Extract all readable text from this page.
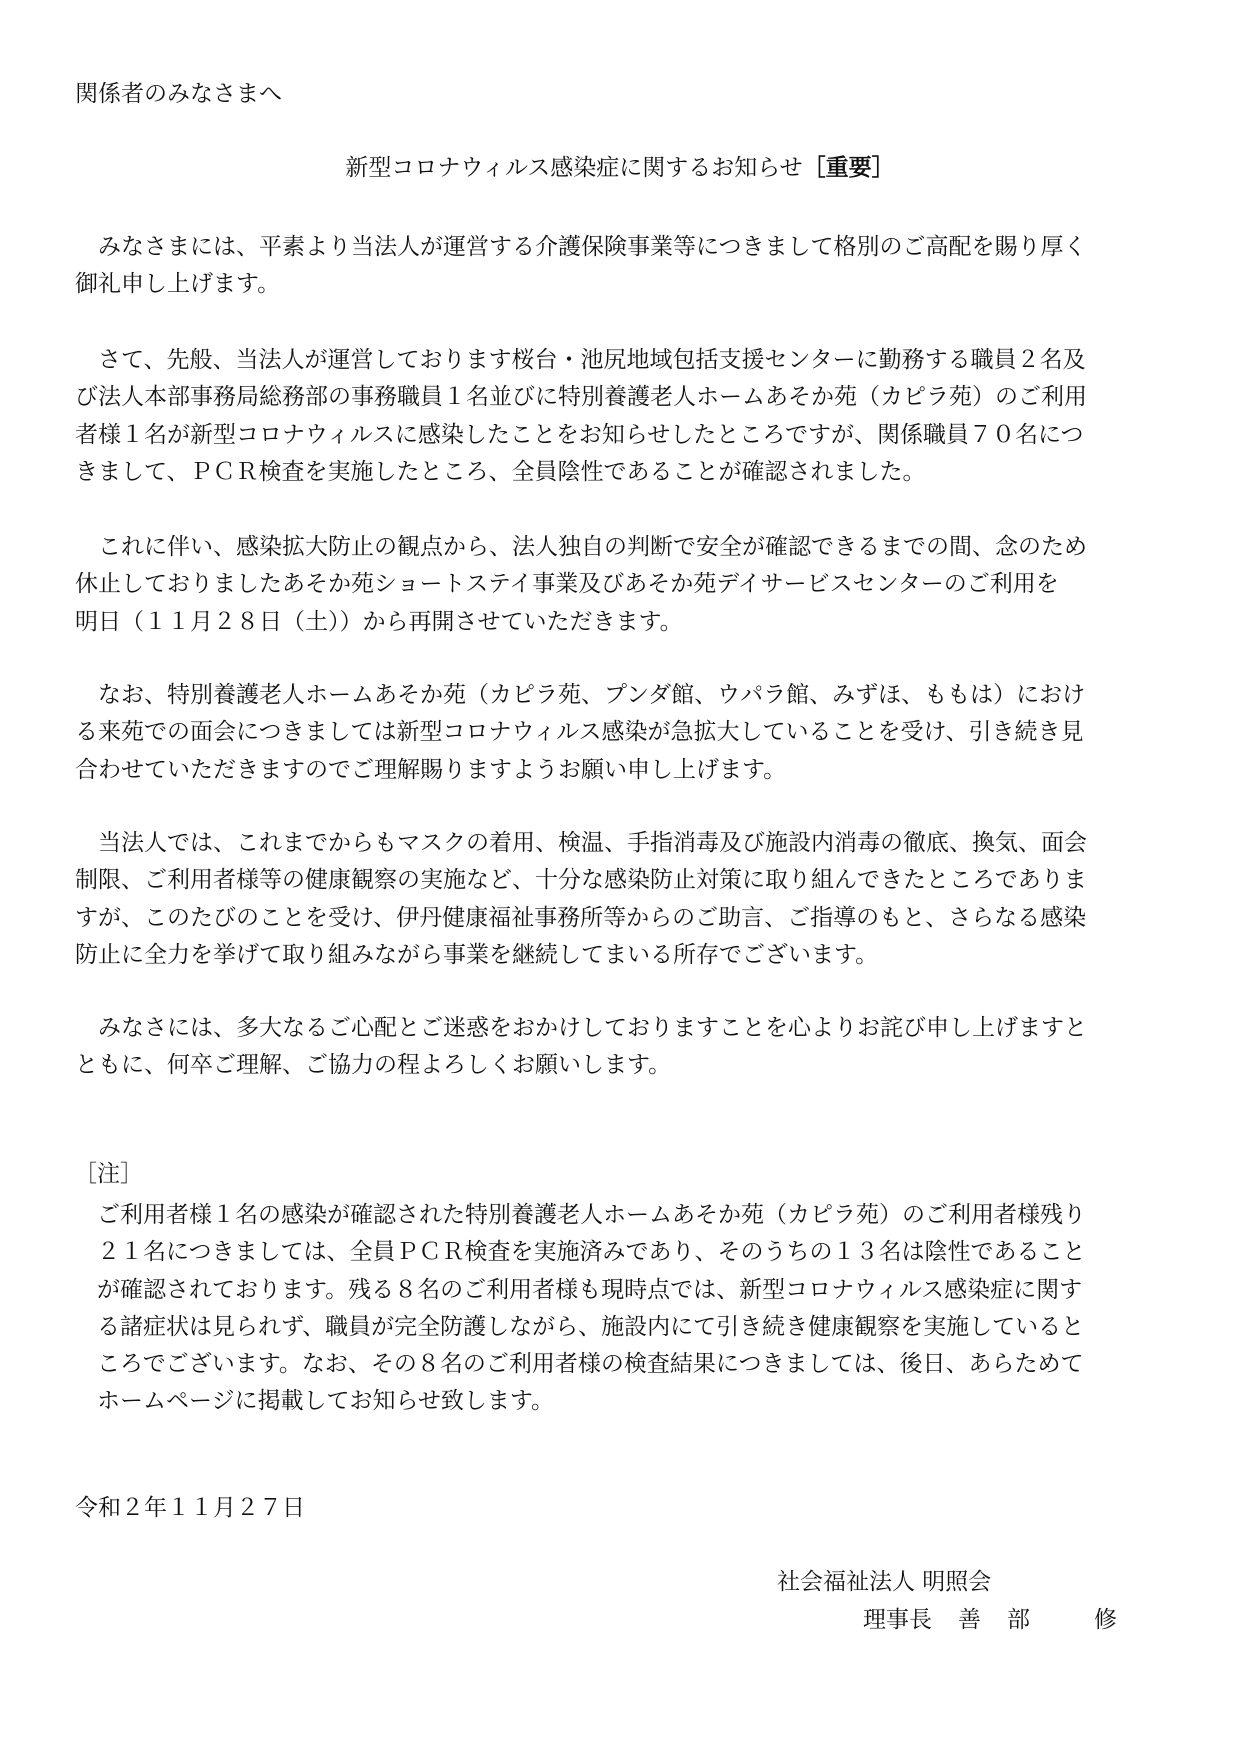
関係者のみなさまへ
新型コロナウィルス感染症に関するお知らせ［重要］
　みなさまには、平素より当法人が運営する介護保険事業等につきまして格別のご高配を賜り厚く
御礼申し上げます。
　さて、先般、当法人が運営しております桜台・池尻地域包括支援センターに勤務する職員２名及
び法人本部事務局総務部の事務職員１名並びに特別養護老人ホームあそか苑（カピラ苑）のご利用
者様１名が新型コロナウィルスに感染したことをお知らせしたところですが、関係職員７０名につ
きまして、ＰＣＲ検査を実施したところ、全員陰性であることが確認されました。
　これに伴い、感染拡大防止の観点から、法人独自の判断で安全が確認できるまでの間、念のため
休止しておりましたあそか苑ショートステイ事業及びあそか苑デイサービスセンターのご利用を
明日（１１月２８日（土））から再開させていただきます。
　なお、特別養護老人ホームあそか苑（カピラ苑、プンダ館、ウパラ館、みずほ、ももは）におけ
る来苑での面会につきましては新型コロナウィルス感染が急拡大していることを受け、引き続き見
合わせていただきますのでご理解賜りますようお願い申し上げます。
　当法人では、これまでからもマスクの着用、検温、手指消毒及び施設内消毒の徹底、換気、面会
制限、ご利用者様等の健康観察の実施など、十分な感染防止対策に取り組んできたところでありま
すが、このたびのことを受け、伊丹健康福祉事務所等からのご助言、ご指導のもと、さらなる感染
防止に全力を挙げて取り組みながら事業を継続してまいる所存でございます。
　みなさには、多大なるご心配とご迷惑をおかけしておりますことを心よりお詫び申し上げますと
ともに、何卒ご理解、ご協力の程よろしくお願いします。
［注］
ご利用者様１名の感染が確認された特別養護老人ホームあそか苑（カピラ苑）のご利用者様残り
２１名につきましては、全員ＰＣＲ検査を実施済みであり、そのうちの１３名は陰性であること
が確認されております。残る８名のご利用者様も現時点では、新型コロナウィルス感染症に関す
る諸症状は見られず、職員が完全防護しながら、施設内にて引き続き健康観察を実施していると
ころでございます。なお、その８名のご利用者様の検査結果につきましては、後日、あらためて
ホームページに掲載してお知らせ致します。
令和２年１１月２７日
社会福祉法人 明照会
理事長 善 部	修
